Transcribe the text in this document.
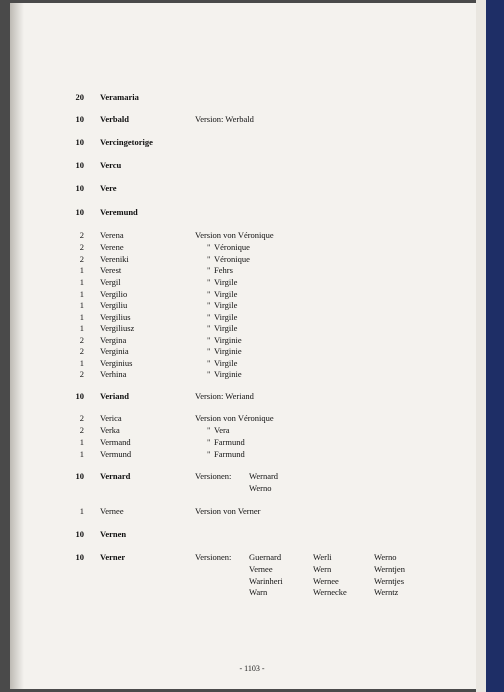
20 Veramaria
10 Verbald	Version: Werbald
10 Vercingetorige
10 Vercu
10 Vere
10 Veremund
2 Verena	Version von Véronique
2 Verene	" Véronique
2 Vereniki	" Véronique
1 Verest	" Fehrs
1 Vergil	" Virgile
1 Vergilio	" Virgile
1 Vergiliu	" Virgile
1 Vergilius	" Virgile
1 Vergiliusz	" Virgile
2 Vergina	" Virginie
2 Verginia	" Virginie
1 Verginius	" Virgile
2 Verhina	" Virginie
10 Veriand	Version: Weriand
2 Verica	Version von Véronique
2 Verka	" Vera
1 Vermand	" Farmund
1 Vermund	" Farmund
10 Vernard	Versionen: Wernard
Werno
1 Vernee	Version von Verner
10 Vernen
10 Verner	Versionen: Guernard	Werli	Werno
Vernee	Wern	Werntjen
Warinheri	Wernee	Werntjes
Warn	Wernecke	Werntz
- 1103 -
